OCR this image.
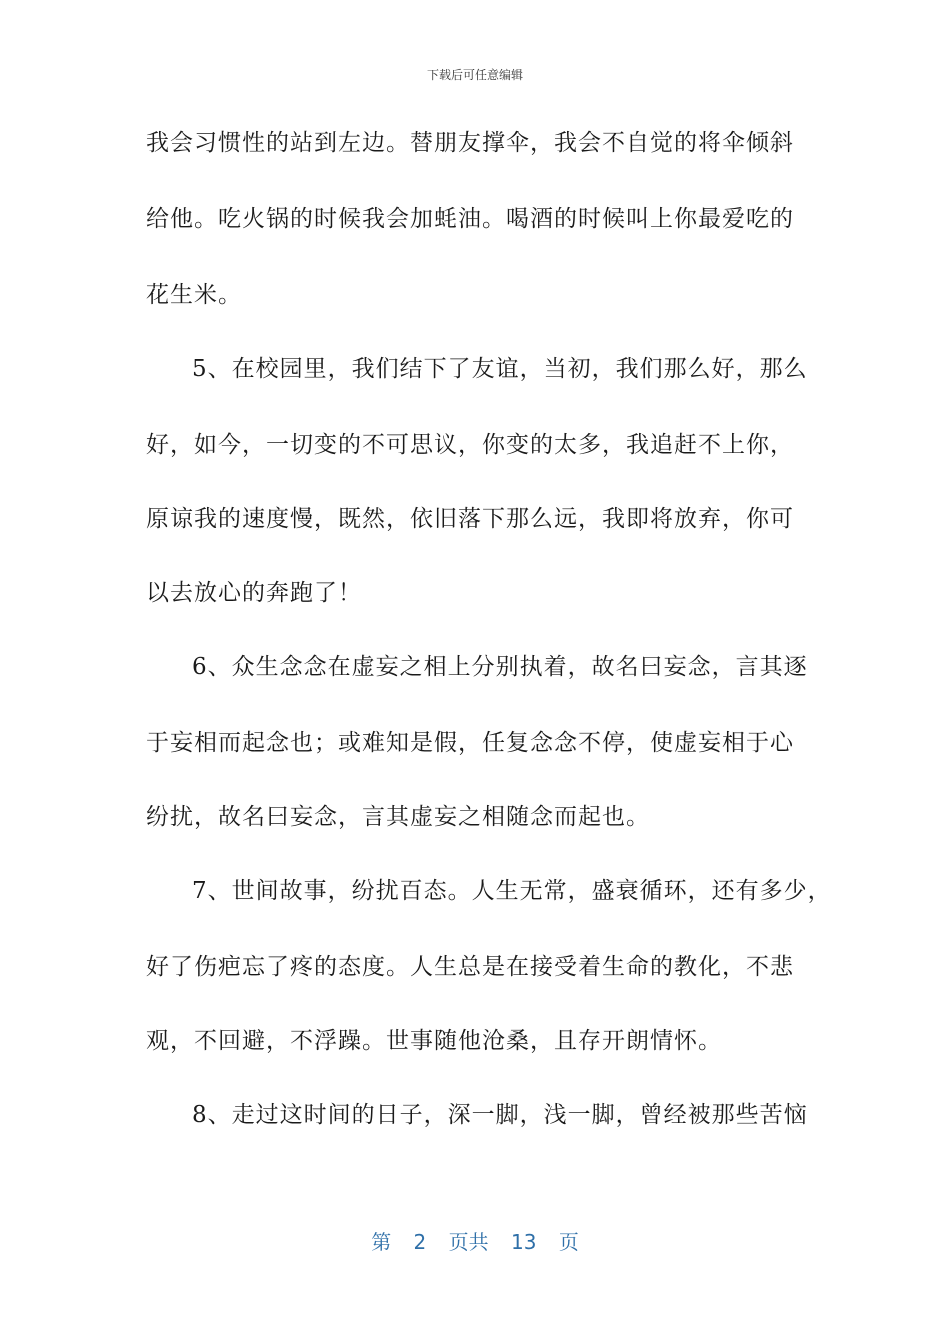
下载后可任意编辑
我会习惯性的站到左边。替朋友撑伞，我会不自觉的将伞倾斜
给他。吃火锅的时候我会加蚝油。喝酒的时候叫上你最爱吃的
花生米。
5、在校园里，我们结下了友谊，当初，我们那么好，那么
好，如今，一切变的不可思议，你变的太多，我追赶不上你，
原谅我的速度慢，既然，依旧落下那么远，我即将放弃，你可
以去放心的奔跑了！
6、众生念念在虚妄之相上分别执着，故名曰妄念，言其逐
于妄相而起念也；或难知是假，任复念念不停，使虚妄相于心
纷扰，故名曰妄念，言其虚妄之相随念而起也。
7、世间故事，纷扰百态。人生无常，盛衰循环，还有多少，
好了伤疤忘了疼的态度。人生总是在接受着生命的教化，不悲
观，不回避，不浮躁。世事随他沧桑，且存开朗情怀。
8、走过这时间的日子，深一脚，浅一脚，曾经被那些苦恼
第 2 页共 13 页
